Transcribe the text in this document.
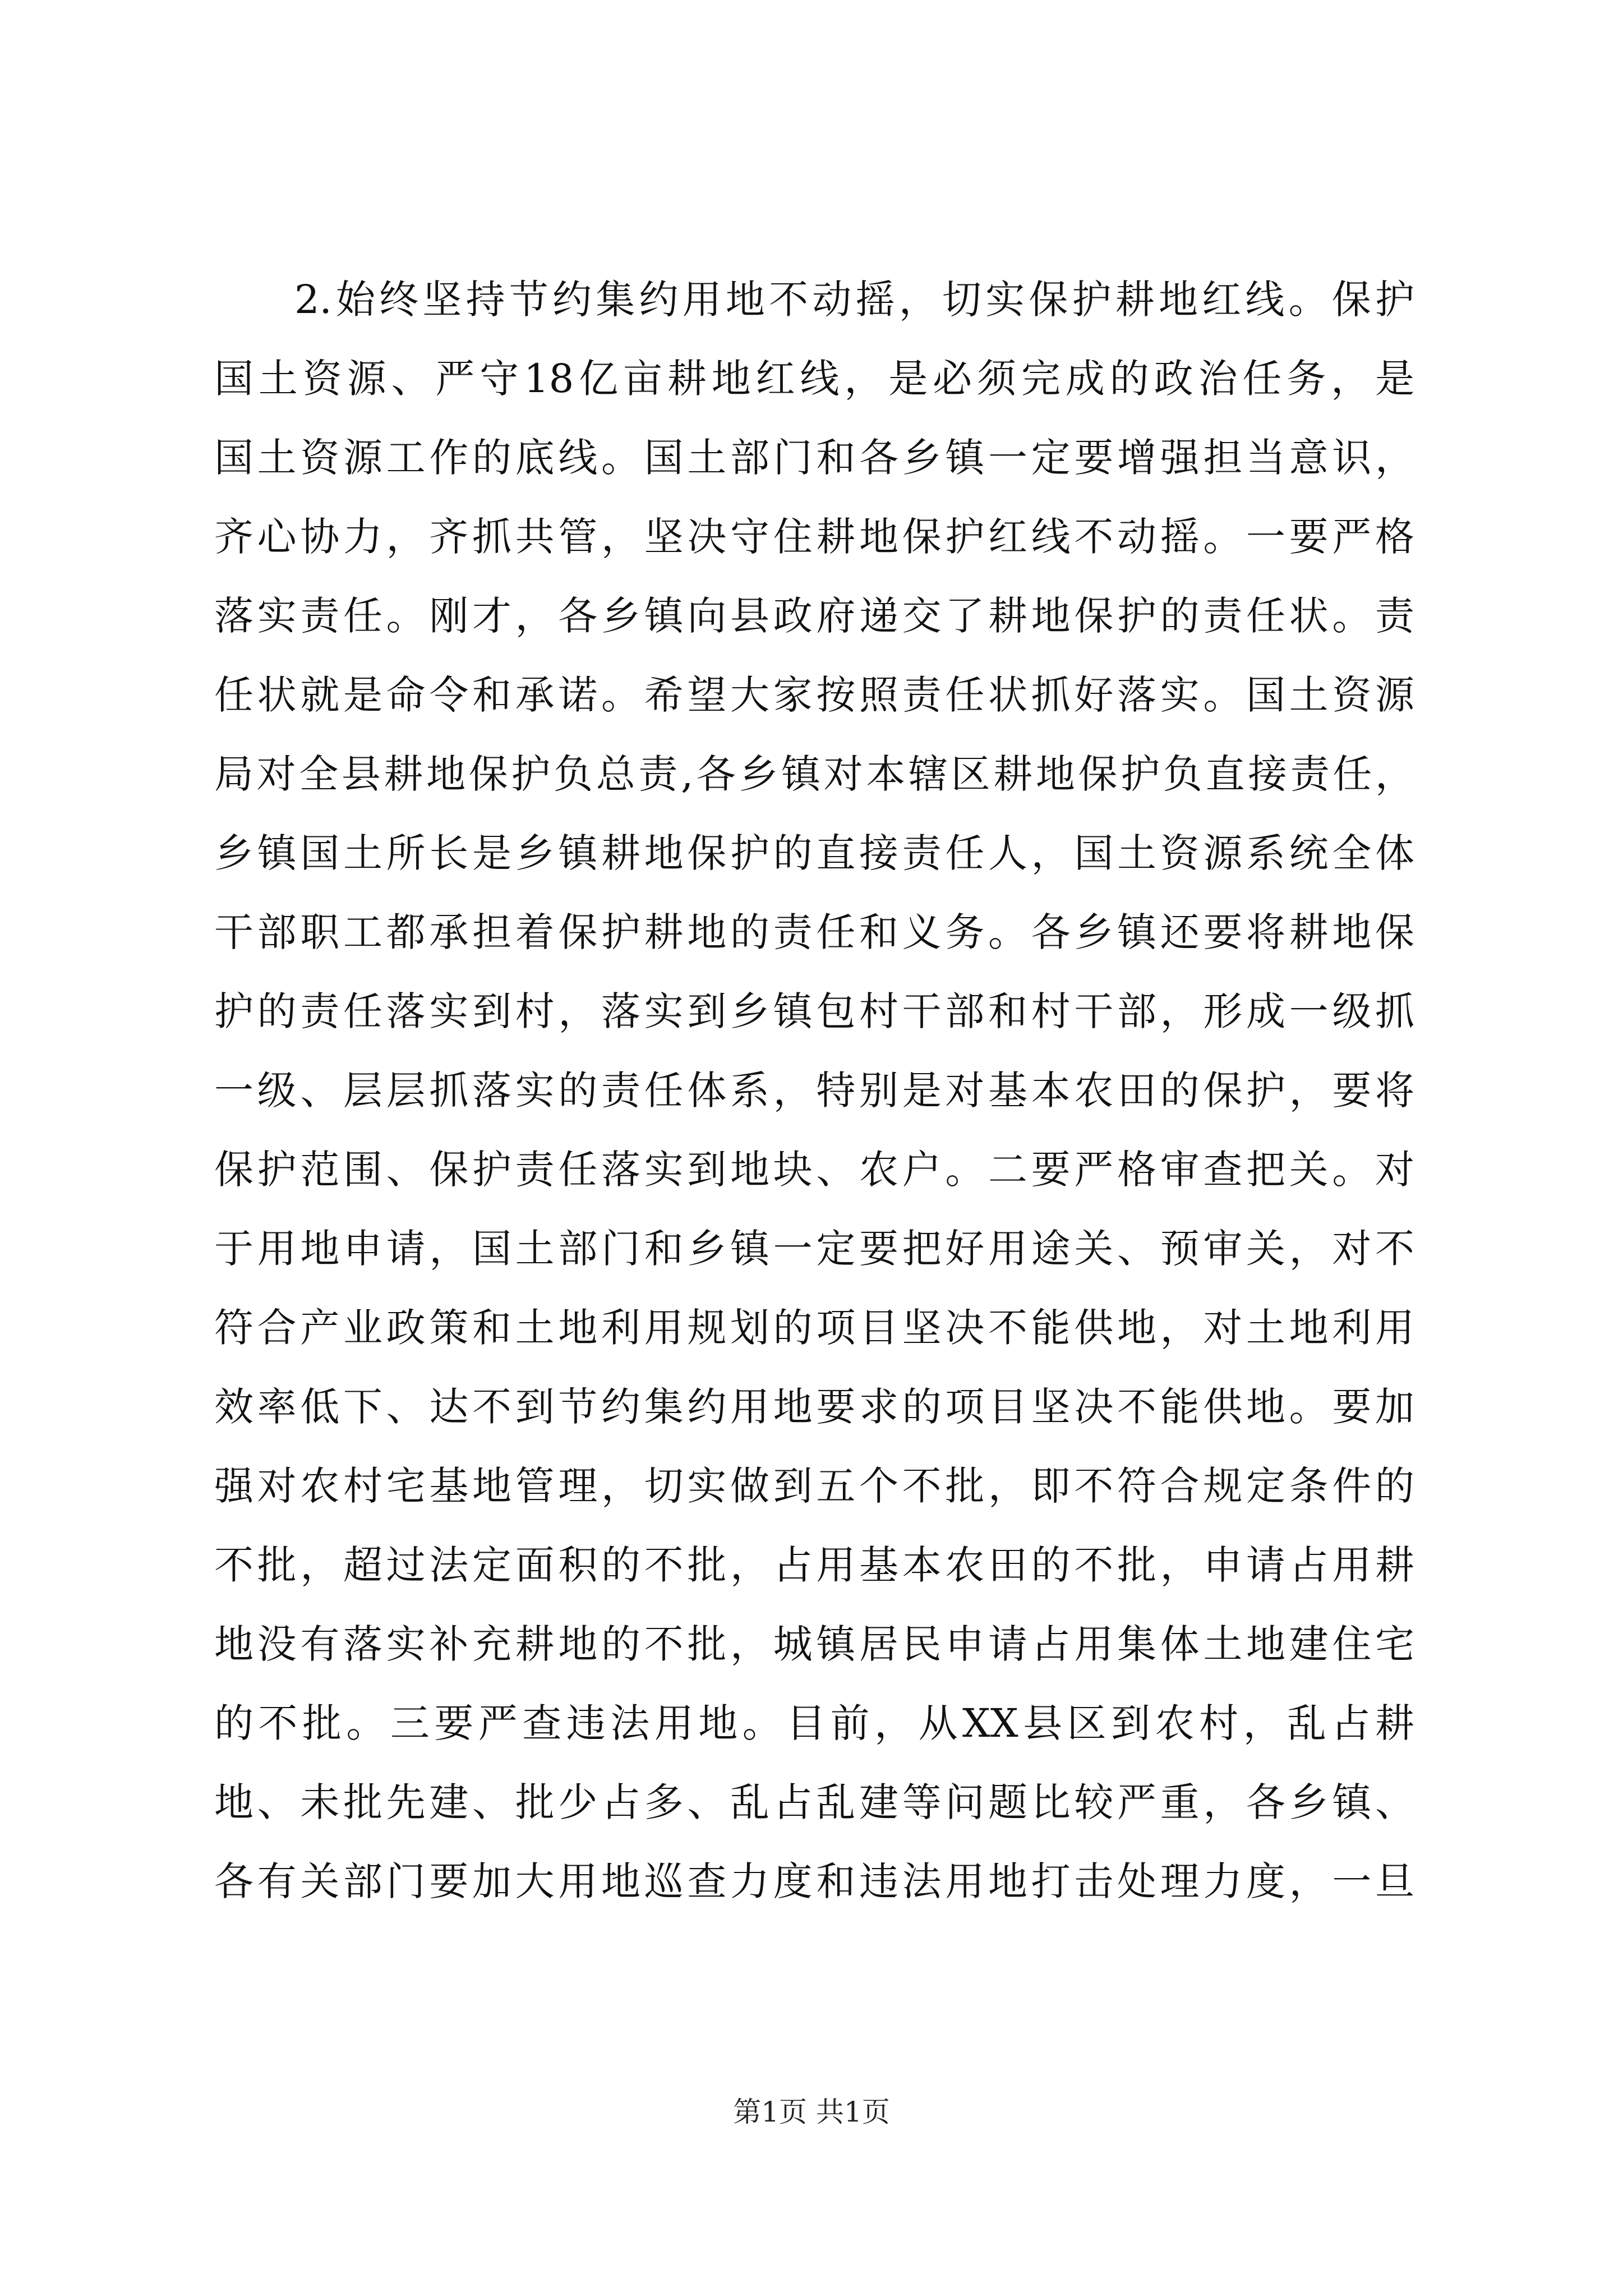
2.始终坚持节约集约用地不动摇，切实保护耕地红线。保护
国土资源、严守18亿亩耕地红线，是必须完成的政治任务，是
国土资源工作的底线。国土部门和各乡镇一定要增强担当意识，
齐心协力，齐抓共管，坚决守住耕地保护红线不动摇。一要严格
落实责任。刚才，各乡镇向县政府递交了耕地保护的责任状。责
任状就是命令和承诺。希望大家按照责任状抓好落实。国土资源
局对全县耕地保护负总责,各乡镇对本辖区耕地保护负直接责任，
乡镇国土所长是乡镇耕地保护的直接责任人，国土资源系统全体
干部职工都承担着保护耕地的责任和义务。各乡镇还要将耕地保
护的责任落实到村，落实到乡镇包村干部和村干部，形成一级抓
一级、层层抓落实的责任体系，特别是对基本农田的保护，要将
保护范围、保护责任落实到地块、农户。二要严格审查把关。对
于用地申请，国土部门和乡镇一定要把好用途关、预审关，对不
符合产业政策和土地利用规划的项目坚决不能供地，对土地利用
效率低下、达不到节约集约用地要求的项目坚决不能供地。要加
强对农村宅基地管理，切实做到五个不批，即不符合规定条件的
不批，超过法定面积的不批，占用基本农田的不批，申请占用耕
地没有落实补充耕地的不批，城镇居民申请占用集体土地建住宅
的不批。三要严查违法用地。目前，从XX县区到农村，乱占耕
地、未批先建、批少占多、乱占乱建等问题比较严重，各乡镇、
各有关部门要加大用地巡查力度和违法用地打击处理力度，一旦
第1页 共1页
